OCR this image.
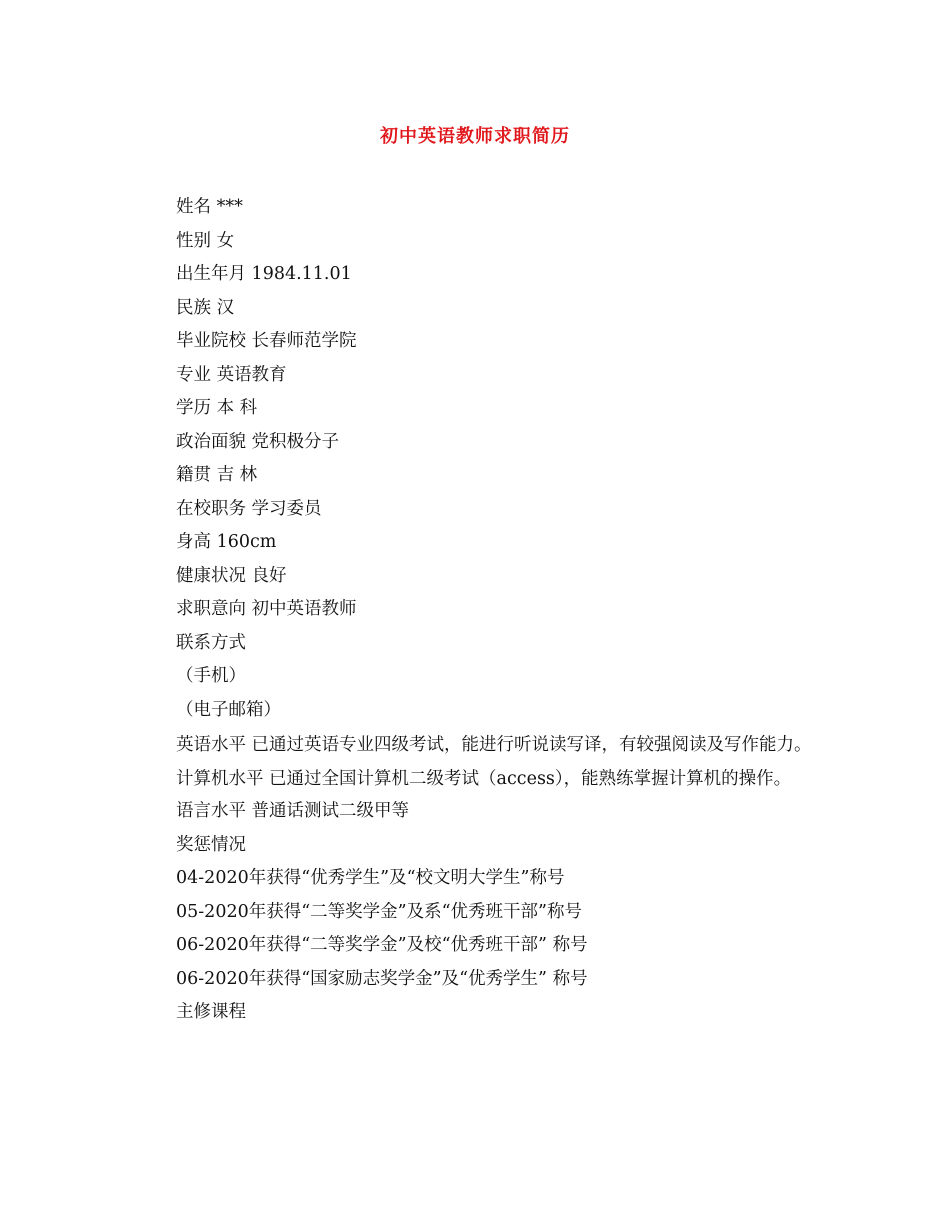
初中英语教师求职简历
姓名 ***
性别 女
出生年月 1984.11.01
民族 汉
毕业院校 长春师范学院
专业 英语教育
学历 本 科
政治面貌 党积极分子
籍贯 吉 林
在校职务 学习委员
身高 160cm
健康状况 良好
求职意向 初中英语教师
联系方式
（手机）
（电子邮箱）
英语水平 已通过英语专业四级考试，能进行听说读写译，有较强阅读及写作能力。
计算机水平 已通过全国计算机二级考试（access），能熟练掌握计算机的操作。
语言水平 普通话测试二级甲等
奖惩情况
04-2020年获得“优秀学生”及“校文明大学生”称号
05-2020年获得“二等奖学金”及系“优秀班干部”称号
06-2020年获得“二等奖学金”及校“优秀班干部” 称号
06-2020年获得“国家励志奖学金”及“优秀学生” 称号
主修课程
